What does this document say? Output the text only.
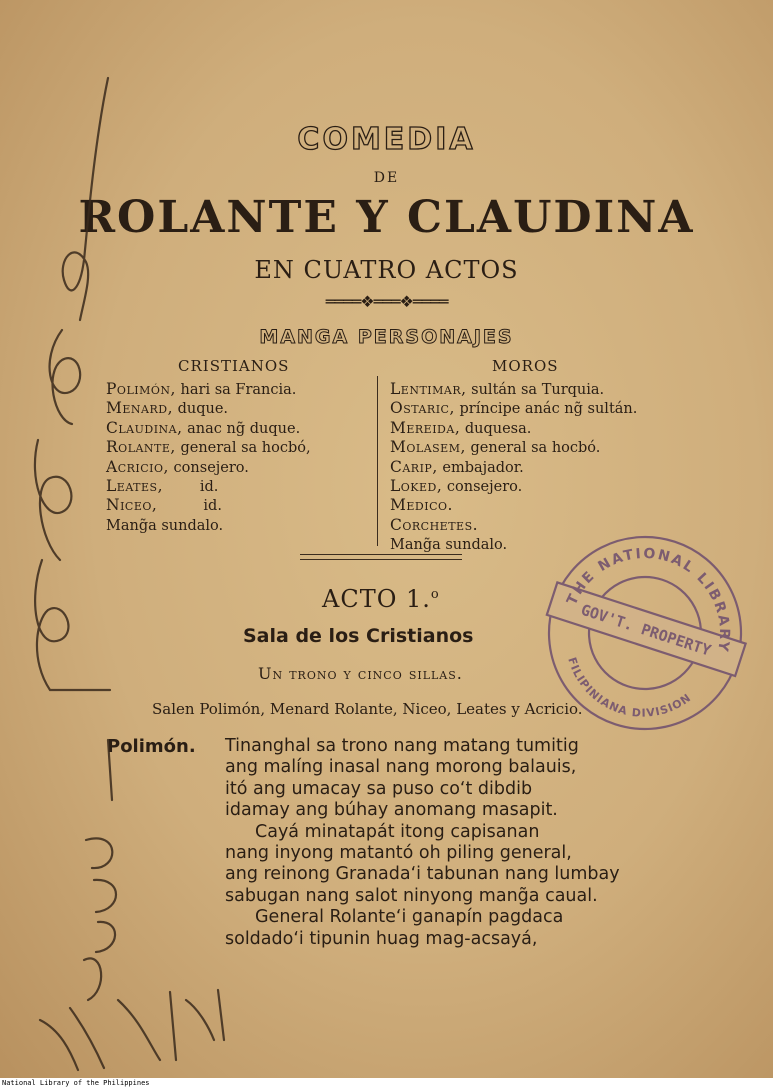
COMEDIA
DE
ROLANTE Y CLAUDINA
EN CUATRO ACTOS
════❖═══❖════
MANGA PERSONAJES
CRISTIANOS	MOROS
Polimón, hari sa Francia.
Menard, duque.
Claudina, anac ng̃ duque.
Rolante, general sa hocbó,
Acricio, consejero.
Leates,        id.
Niceo,          id.
Mang̃a sundalo.
Lentimar, sultán sa Turquia.
Ostaric, príncipe anác ng̃ sultán.
Mereida, duquesa.
Molasem, general sa hocbó.
Carip, embajador.
Loked, consejero.
Medico.
Corchetes.
Mang̃a sundalo.
ACTO 1.$^o$
Sala de los Cristianos
Un trono y cinco sillas.
Salen Polimón, Menard Rolante, Niceo, Leates y Acricio.
Polimón. Tinanghal sa trono nang matang tumitig
ang malíng inasal nang morong balauis,
itó ang umacay sa puso co‘t dibdib
idamay ang búhay anomang masapit.
Cayá minatapát itong capisanan
nang inyong matantó oh piling general,
ang reinong Granada‘i tabunan nang lumbay
sabugan nang salot ninyong mang̃a caual.
General Rolante‘i ganapín pagdaca
soldado‘i tipunin huag mag-acsayá,
THE NATIONAL LIBRARY
GOV'T. PROPERTY
FILIPINIANA DIVISION
National Library of the Philippines
